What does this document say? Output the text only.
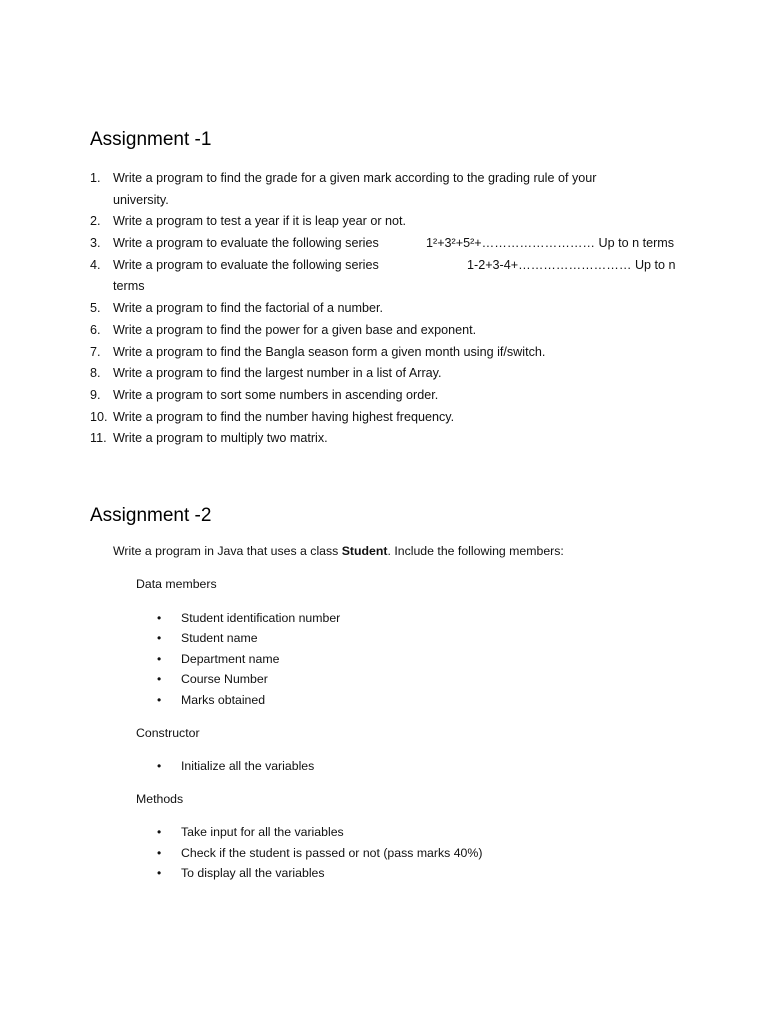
Assignment -1
1. Write a program to find the grade for a given mark according to the grading rule of your
university.
2. Write a program to test a year if it is leap year or not.
3. Write a program to evaluate the following series	1²+3²+5²+……………………… Up to n terms
4. Write a program to evaluate the following series	1-2+3-4+……………………… Up to n
terms
5. Write a program to find the factorial of a number.
6. Write a program to find the power for a given base and exponent.
7. Write a program to find the Bangla season form a given month using if/switch.
8. Write a program to find the largest number in a list of Array.
9. Write a program to sort some numbers in ascending order.
10. Write a program to find the number having highest frequency.
11. Write a program to multiply two matrix.
Assignment -2
Write a program in Java that uses a class Student. Include the following members:
Data members
• Student identification number
• Student name
• Department name
• Course Number
• Marks obtained
Constructor
• Initialize all the variables
Methods
• Take input for all the variables
• Check if the student is passed or not (pass marks 40%)
• To display all the variables
